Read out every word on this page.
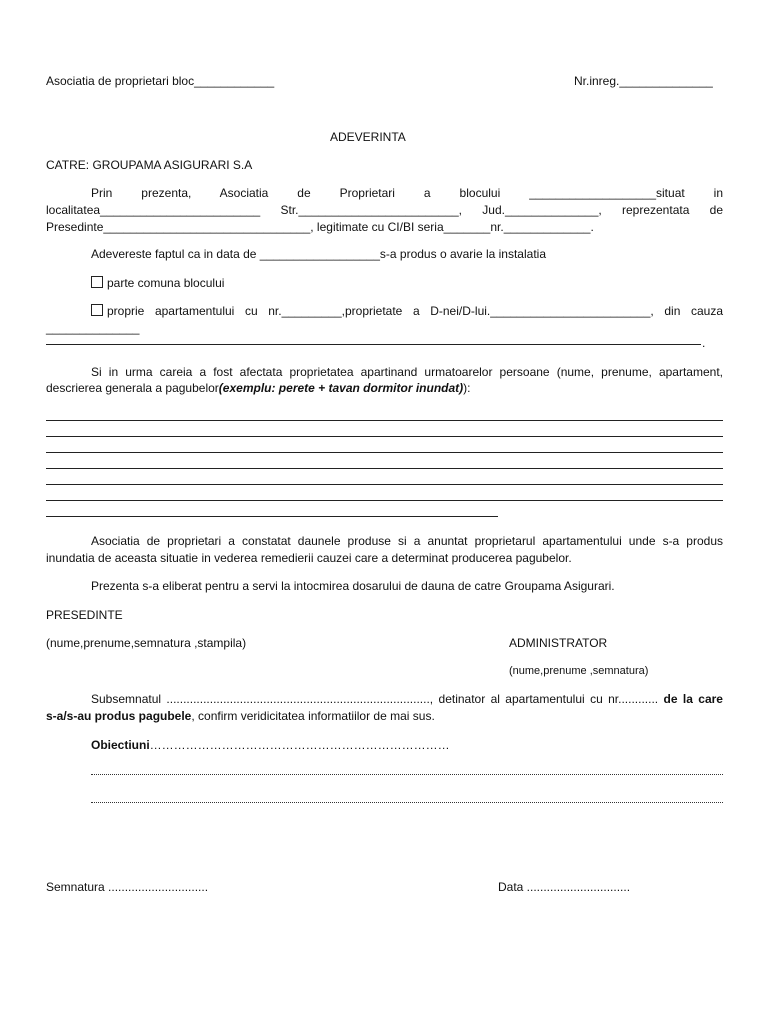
Asociatia de proprietari bloc____________	Nr.inreg.______________
ADEVERINTA
CATRE: GROUPAMA ASIGURARI S.A
Prin prezenta, Asociatia de Proprietari a blocului ___________________situat in
localitatea________________________ Str.________________________, Jud.______________, reprezentata de
Presedinte_______________________________, legitimate cu CI/BI seria_______nr._____________.
Adevereste faptul ca in data de __________________s-a produs o avarie la instalatia
parte comuna blocului
proprie apartamentului cu nr._________,proprietate a D-nei/D-lui.________________________, din cauza
______________
.
Si in urma careia a fost afectata proprietatea apartinand urmatoarelor persoane (nume, prenume, apartament,
descrierea generala a pagubelor(exemplu: perete + tavan dormitor inundat)):
Asociatia de proprietari a constatat daunele produse si a anuntat proprietarul apartamentului unde s-a produs
inundatia de aceasta situatie in vederea remedierii cauzei care a determinat producerea pagubelor.
Prezenta s-a eliberat pentru a servi la intocmirea dosarului de dauna de catre Groupama Asigurari.
PRESEDINTE
(nume,prenume,semnatura ,stampila)	ADMINISTRATOR
(nume,prenume ,semnatura)
Subsemnatul ..............................................................................., detinator al apartamentului cu nr............ de la care
s-a/s-au produs pagubele, confirm veridicitatea informatiilor de mai sus.
Obiectiuni…………………………………………………………………
Semnatura ..............................	Data ...............................
